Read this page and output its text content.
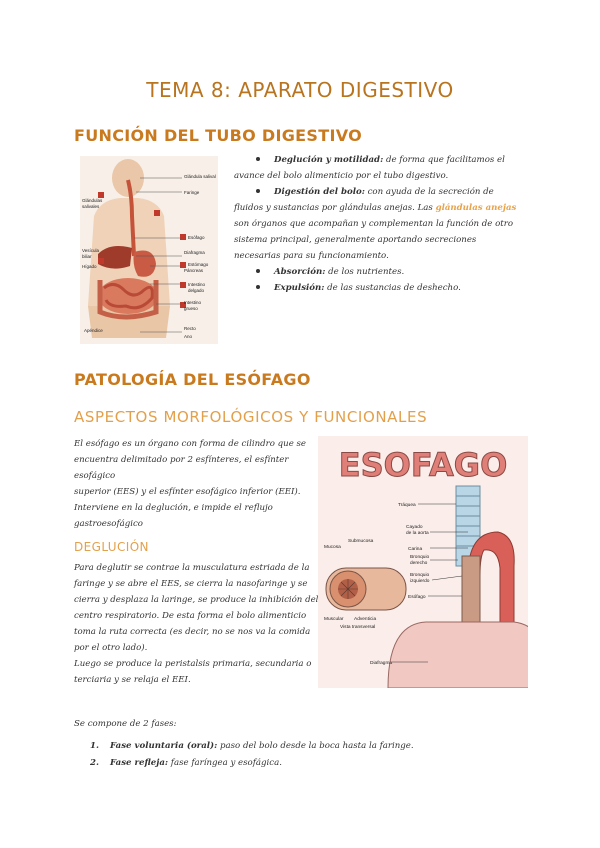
TEMA 8: APARATO DIGESTIVO
FUNCIÓN DEL TUBO DIGESTIVO
Glándula salival
Faringe
Esófago
Diafragma
Estómago
Páncreas
Intestino
delgado
Intestino
grueso
Recto
Ano
Glándulas
salivales
Vesícula
biliar
Hígado
Apéndice
Deglución y motilidad: de forma que facilitamos el avance del bolo alimenticio por el tubo digestivo.
Digestión del bolo: con ayuda de la secreción de fluidos y sustancias por glándulas anejas. Las glándulas anejas son órganos que acompañan y complementan la función de otro sistema principal, generalmente aportando secreciones necesarias para su funcionamiento.
Absorción: de los nutrientes.
Expulsión: de las sustancias de deshecho.
PATOLOGÍA DEL ESÓFAGO
ASPECTOS MORFOLÓGICOS Y FUNCIONALES
El esófago es un órgano con forma de cilindro que se
encuentra delimitado por 2 esfínteres, el esfínter esofágico
superior (EES) y el esfínter esofágico inferior (EEI).
Interviene en la deglución, e impide el reflujo
gastroesofágico
DEGLUCIÓN
Para deglutir se contrae la musculatura estriada de la
faringe y se abre el EES, se cierra la nasofaringe y se
cierra y desplaza la laringe, se produce la inhibición del
centro respiratorio. De esta forma el bolo alimenticio
toma la ruta correcta (es decir, no se nos va la comida
por el otro lado).
Luego se produce la peristalsis primaria, secundaria o
terciaria y se relaja el EEI.
ESOFAGO
Tráquea
Cayado
de la aorta
Carina
Bronquio
derecho
Bronquio
izquierdo
Esófago
Diafragma
Mucosa
Submucosa
Muscular Adventicia
Vista transversal
Se compone de 2 fases:
1. Fase voluntaria (oral): paso del bolo desde la boca hasta la faringe.
2. Fase refleja: fase faríngea y esofágica.
